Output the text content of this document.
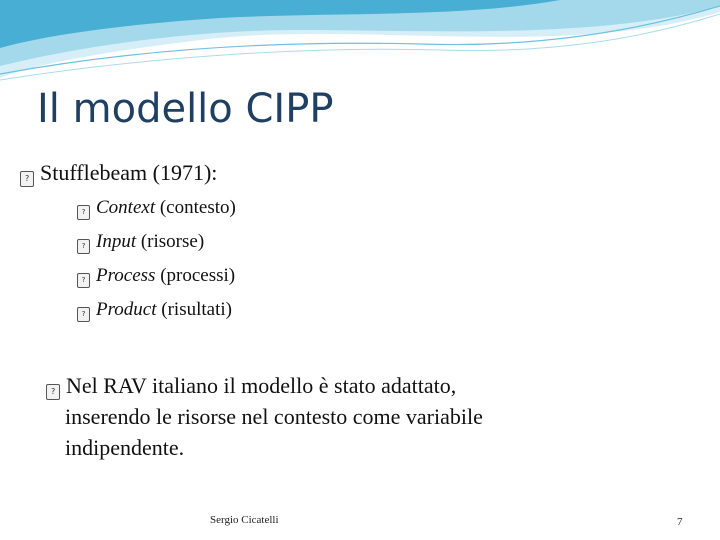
Il modello CIPP
? Stufflebeam (1971):
? Context (contesto)
? Input (risorse)
? Process (processi)
? Product (risultati)
? Nel RAV italiano il modello è stato adattato,
inserendo le risorse nel contesto come variabile
indipendente.
Sergio Cicatelli	7
